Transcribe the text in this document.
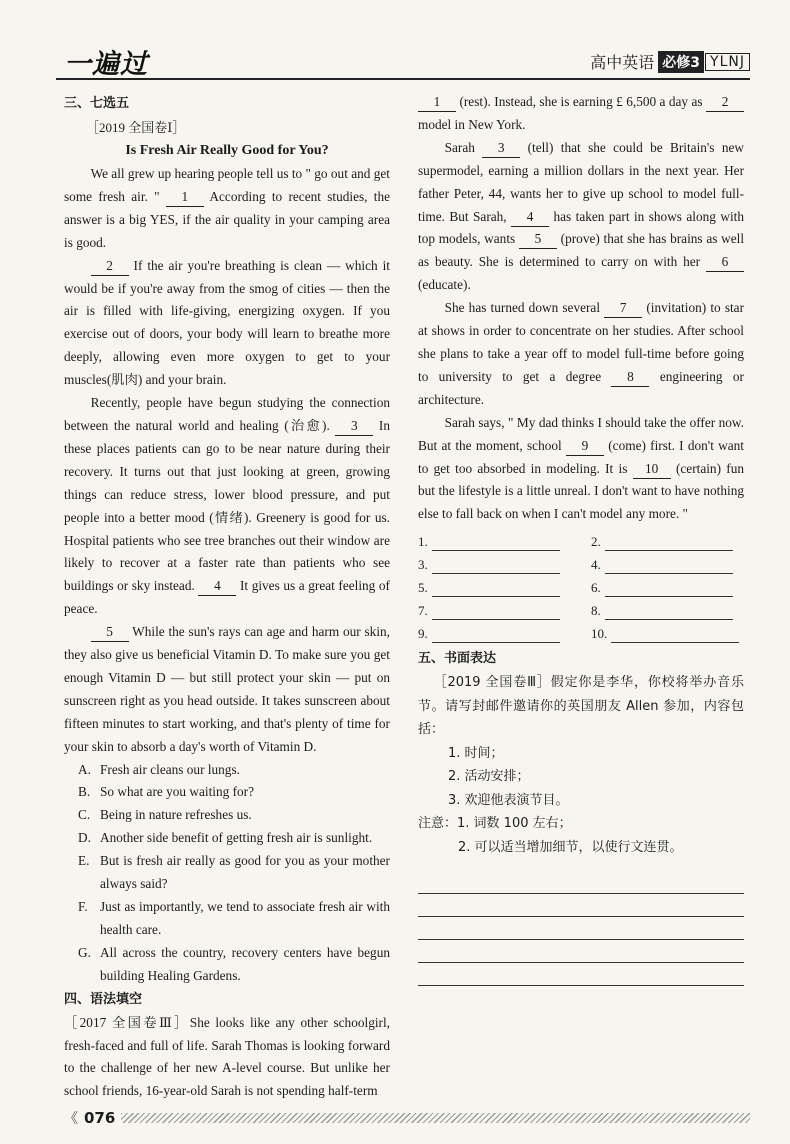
一遍过	高中英语 必修3 YLNJ
三、七选五
［2019 全国卷Ⅰ］
Is Fresh Air Really Good for You?

We all grew up hearing people tell us to " go out and get some fresh air. " 1 According to recent studies, the answer is a big YES, if the air quality in your camping area is good.

2 If the air you're breathing is clean — which it would be if you're away from the smog of cities — then the air is filled with life-giving, energizing oxygen. If you exercise out of doors, your body will learn to breathe more deeply, allowing even more oxygen to get to your muscles(肌肉) and your brain.

Recently, people have begun studying the connection between the natural world and healing (治愈). 3 In these places patients can go to be near nature during their recovery. It turns out that just looking at green, growing things can reduce stress, lower blood pressure, and put people into a better mood (情绪). Greenery is good for us. Hospital patients who see tree branches out their window are likely to recover at a faster rate than patients who see buildings or sky instead. 4 It gives us a great feeling of peace.

5 While the sun's rays can age and harm our skin, they also give us beneficial Vitamin D. To make sure you get enough Vitamin D — but still protect your skin — put on sunscreen right as you head outside. It takes sunscreen about fifteen minutes to start working, and that's plenty of time for your skin to absorb a day's worth of Vitamin D.

A. Fresh air cleans our lungs.
B. So what are you waiting for?
C. Being in nature refreshes us.
D. Another side benefit of getting fresh air is sunlight.
E. But is fresh air really as good for you as your mother always said?
F. Just as importantly, we tend to associate fresh air with health care.
G. All across the country, recovery centers have begun building Healing Gardens.
四、语法填空

［2017 全国卷Ⅲ］She looks like any other schoolgirl, fresh-faced and full of life. Sarah Thomas is looking forward to the challenge of her new A-level course. But unlike her school friends, 16-year-old Sarah is not spending half-term

1 (rest). Instead, she is earning £ 6,500 a day as 2 model in New York.

Sarah 3 (tell) that she could be Britain's new supermodel, earning a million dollars in the next year. Her father Peter, 44, wants her to give up school to model full-time. But Sarah, 4 has taken part in shows along with top models, wants 5 (prove) that she has brains as well as beauty. She is determined to carry on with her 6 (educate).

She has turned down several 7 (invitation) to star at shows in order to concentrate on her studies. After school she plans to take a year off to model full-time before going to university to get a degree 8 engineering or architecture.

Sarah says, " My dad thinks I should take the offer now. But at the moment, school 9 (come) first. I don't want to get too absorbed in modeling. It is 10 (certain) fun but the lifestyle is a little unreal. I don't want to have nothing else to fall back on when I can't model any more. "

1.	2.
3.	4.
5.	6.
7.	8.
9.	10.
五、书面表达
［2019 全国卷Ⅲ］假定你是李华，你校将举办音乐节。请写封邮件邀请你的英国朋友 Allen 参加，内容包括：
1. 时间；
2. 活动安排；
3. 欢迎他表演节目。
注意：1. 词数 100 左右；
2. 可以适当增加细节，以使行文连贯。
《 076
